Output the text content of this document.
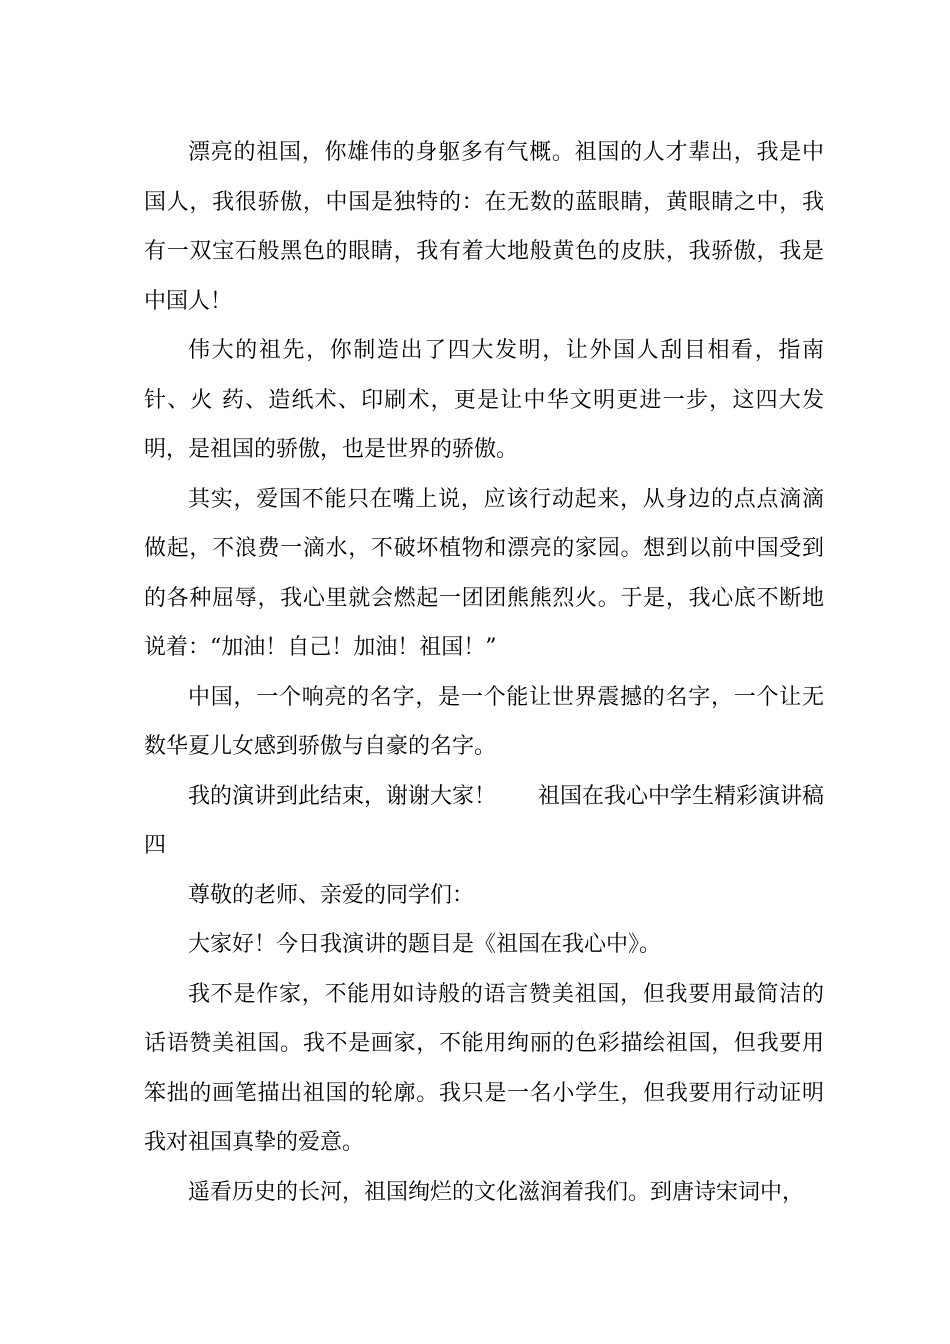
漂亮的祖国，你雄伟的身躯多有气概。祖国的人才辈出，我是中国人，我很骄傲，中国是独特的：在无数的蓝眼睛，黄眼睛之中，我有一双宝石般黑色的眼睛，我有着大地般黄色的皮肤，我骄傲，我是中国人！

伟大的祖先，你制造出了四大发明，让外国人刮目相看，指南针、火 药、造纸术、印刷术，更是让中华文明更进一步，这四大发明，是祖国的骄傲，也是世界的骄傲。

其实，爱国不能只在嘴上说，应该行动起来，从身边的点点滴滴做起，不浪费一滴水，不破坏植物和漂亮的家园。想到以前中国受到的各种屈辱，我心里就会燃起一团团熊熊烈火。于是，我心底不断地说着：“加油！自己！加油！祖国！”

中国，一个响亮的名字，是一个能让世界震撼的名字，一个让无数华夏儿女感到骄傲与自豪的名字。

我的演讲到此结束，谢谢大家！      祖国在我心中学生精彩演讲稿四

尊敬的老师、亲爱的同学们：

大家好！今日我演讲的题目是《祖国在我心中》。

我不是作家，不能用如诗般的语言赞美祖国，但我要用最简洁的话语赞美祖国。我不是画家，不能用绚丽的色彩描绘祖国，但我要用笨拙的画笔描出祖国的轮廓。我只是一名小学生，但我要用行动证明我对祖国真挚的爱意。

遥看历史的长河，祖国绚烂的文化滋润着我们。到唐诗宋词中，
